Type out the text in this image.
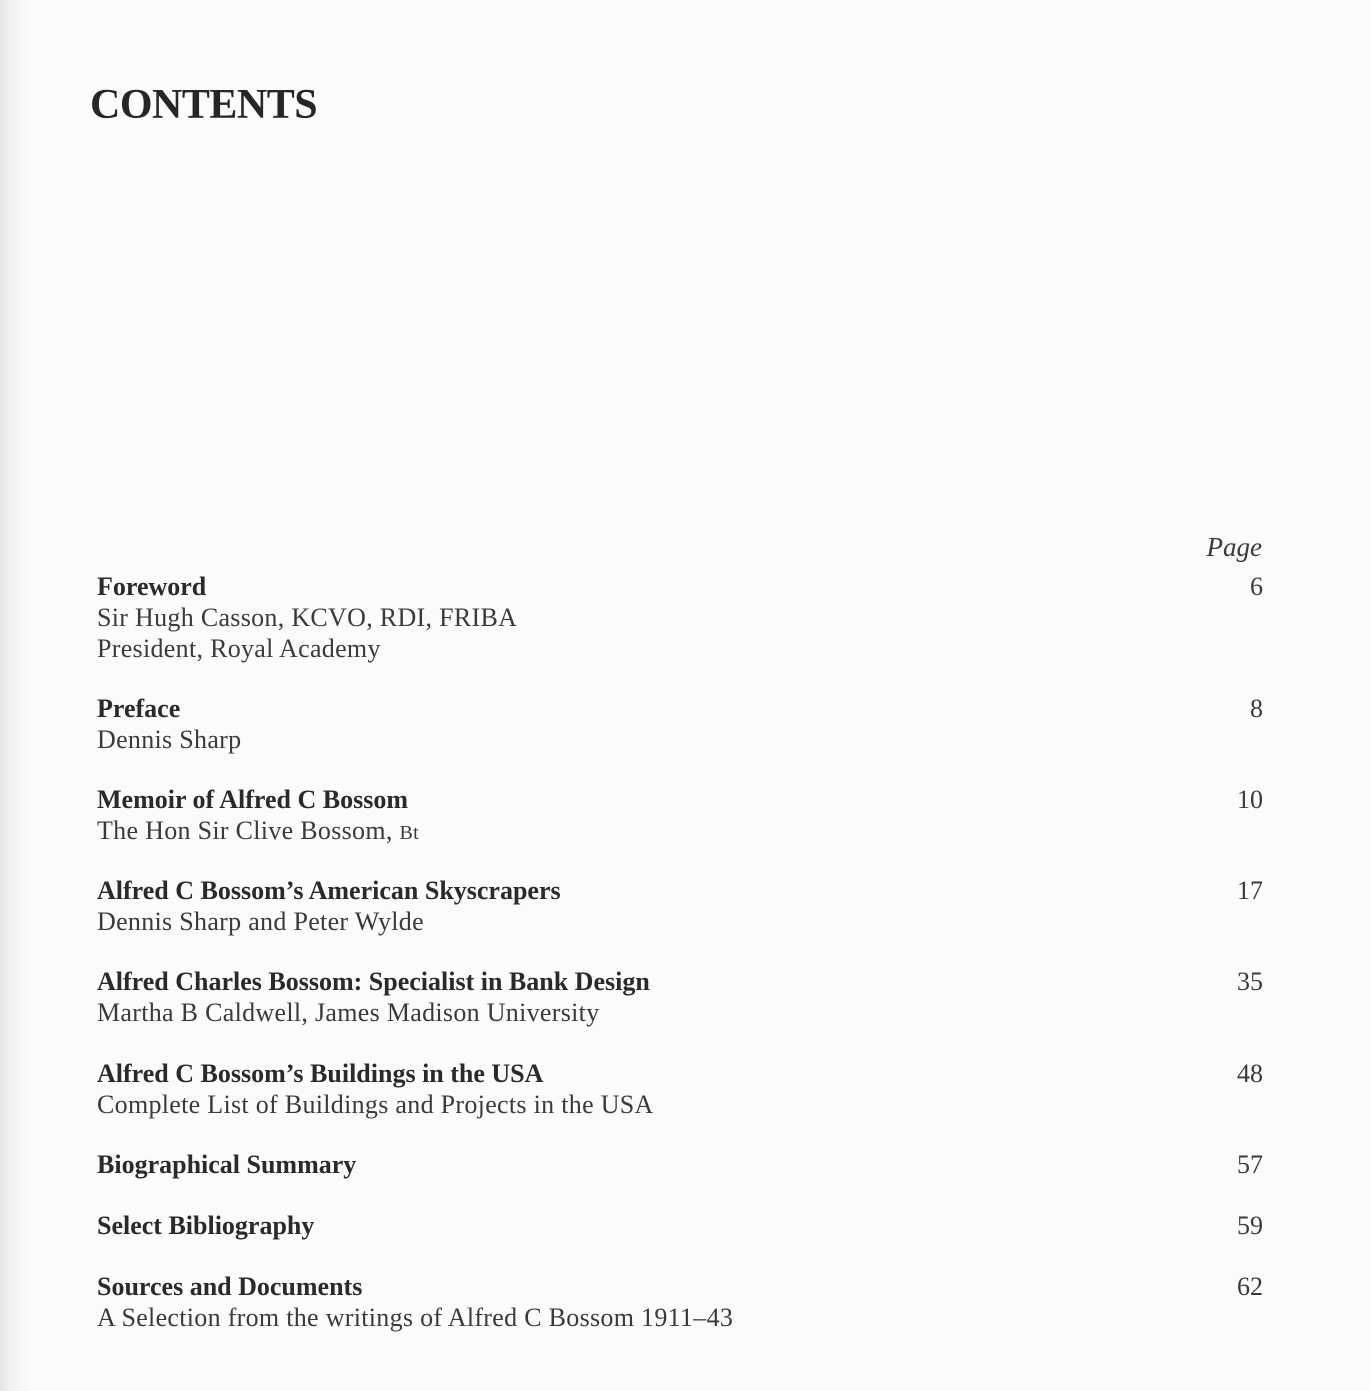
CONTENTS
Page
Foreword
Sir Hugh Casson, KCVO, RDI, FRIBA
President, Royal Academy
6
Preface
Dennis Sharp
8
Memoir of Alfred C Bossom
The Hon Sir Clive Bossom, Bt
10
Alfred C Bossom’s American Skyscrapers
Dennis Sharp and Peter Wylde
17
Alfred Charles Bossom: Specialist in Bank Design
Martha B Caldwell, James Madison University
35
Alfred C Bossom’s Buildings in the USA
Complete List of Buildings and Projects in the USA
48
Biographical Summary	57
Select Bibliography	59
Sources and Documents
A Selection from the writings of Alfred C Bossom 1911–43
62
